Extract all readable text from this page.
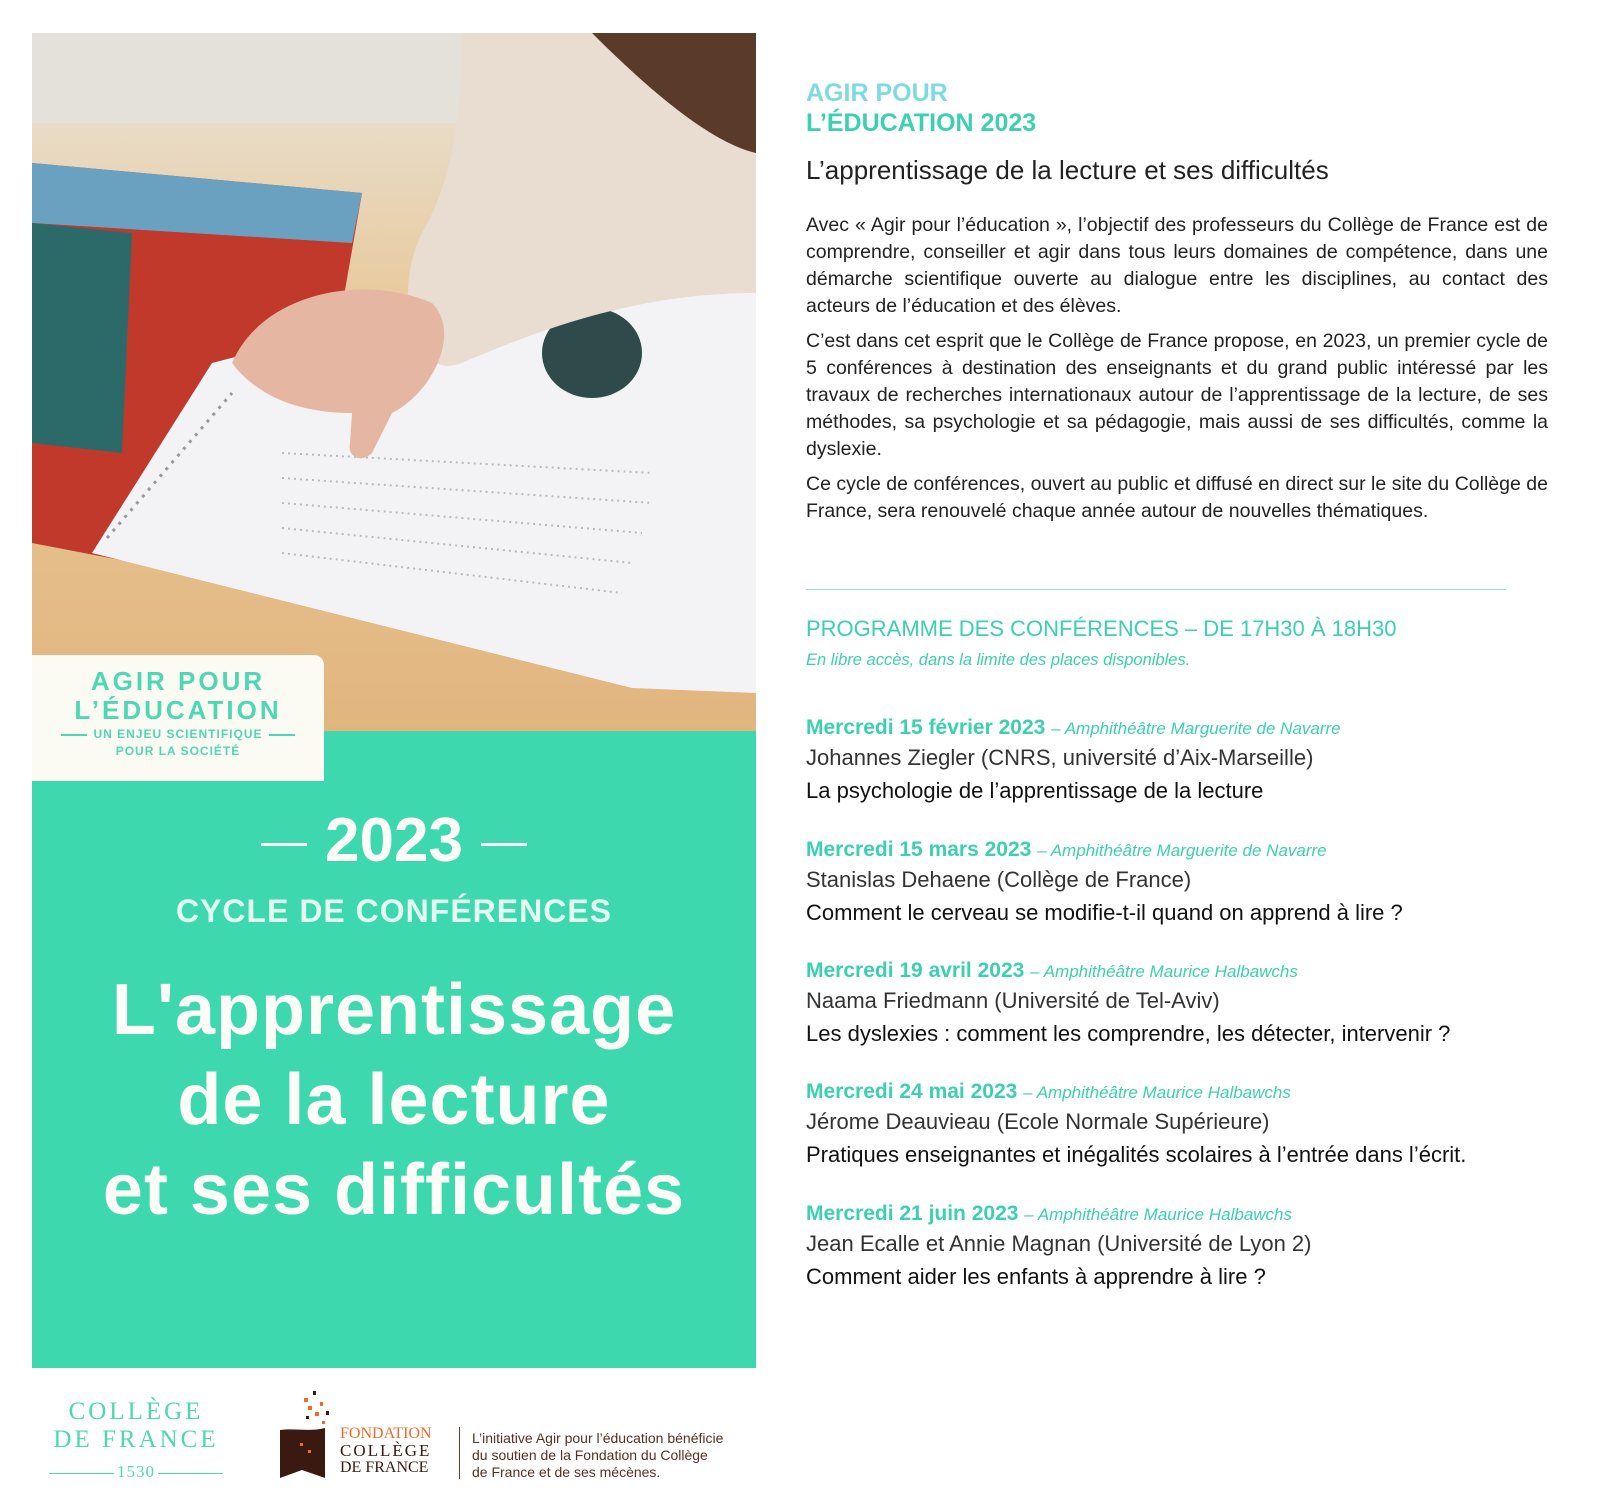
AGIR POUR
L’ÉDUCATION
UN ENJEU SCIENTIFIQUE
POUR LA SOCIÉTÉ
2023
CYCLE DE CONFÉRENCES
L'apprentissage
de la lecture
et ses difficultés
AGIR POUR
L’ÉDUCATION 2023
L’apprentissage de la lecture et ses difficultés

Avec « Agir pour l’éducation », l’objectif des professeurs du Collège de France est de comprendre, conseiller et agir dans tous leurs domaines de compétence, dans une démarche scientifique ouverte au dialogue entre les disciplines, au contact des acteurs de l’éducation et des élèves.

C’est dans cet esprit que le Collège de France propose, en 2023, un premier cycle de 5 conférences à destination des enseignants et du grand public intéressé par les travaux de recherches internationaux autour de l’apprentissage de la lecture, de ses méthodes, sa psychologie et sa pédagogie, mais aussi de ses difficultés, comme la dyslexie.

Ce cycle de conférences, ouvert au public et diffusé en direct sur le site du Collège de France, sera renouvelé chaque année autour de nouvelles thématiques.

PROGRAMME DES CONFÉRENCES – DE 17H30 À 18H30
En libre accès, dans la limite des places disponibles.
Mercredi 15 février 2023 – Amphithéâtre Marguerite de Navarre
Johannes Ziegler (CNRS, université d’Aix-Marseille)
La psychologie de l’apprentissage de la lecture
Mercredi 15 mars 2023 – Amphithéâtre Marguerite de Navarre
Stanislas Dehaene (Collège de France)
Comment le cerveau se modifie-t-il quand on apprend à lire ?
Mercredi 19 avril 2023 – Amphithéâtre Maurice Halbawchs
Naama Friedmann (Université de Tel-Aviv)
Les dyslexies : comment les comprendre, les détecter, intervenir ?
Mercredi 24 mai 2023 – Amphithéâtre Maurice Halbawchs
Jérome Deauvieau (Ecole Normale Supérieure)
Pratiques enseignantes et inégalités scolaires à l’entrée dans l’écrit.
Mercredi 21 juin 2023 – Amphithéâtre Maurice Halbawchs
Jean Ecalle et Annie Magnan (Université de Lyon 2)
Comment aider les enfants à apprendre à lire ?
COLLÈGE
DE FRANCE
1530
FONDATION
COLLÈGE
DE FRANCE
L’initiative Agir pour l’éducation bénéficie
du soutien de la Fondation du Collège
de France et de ses mécènes.
